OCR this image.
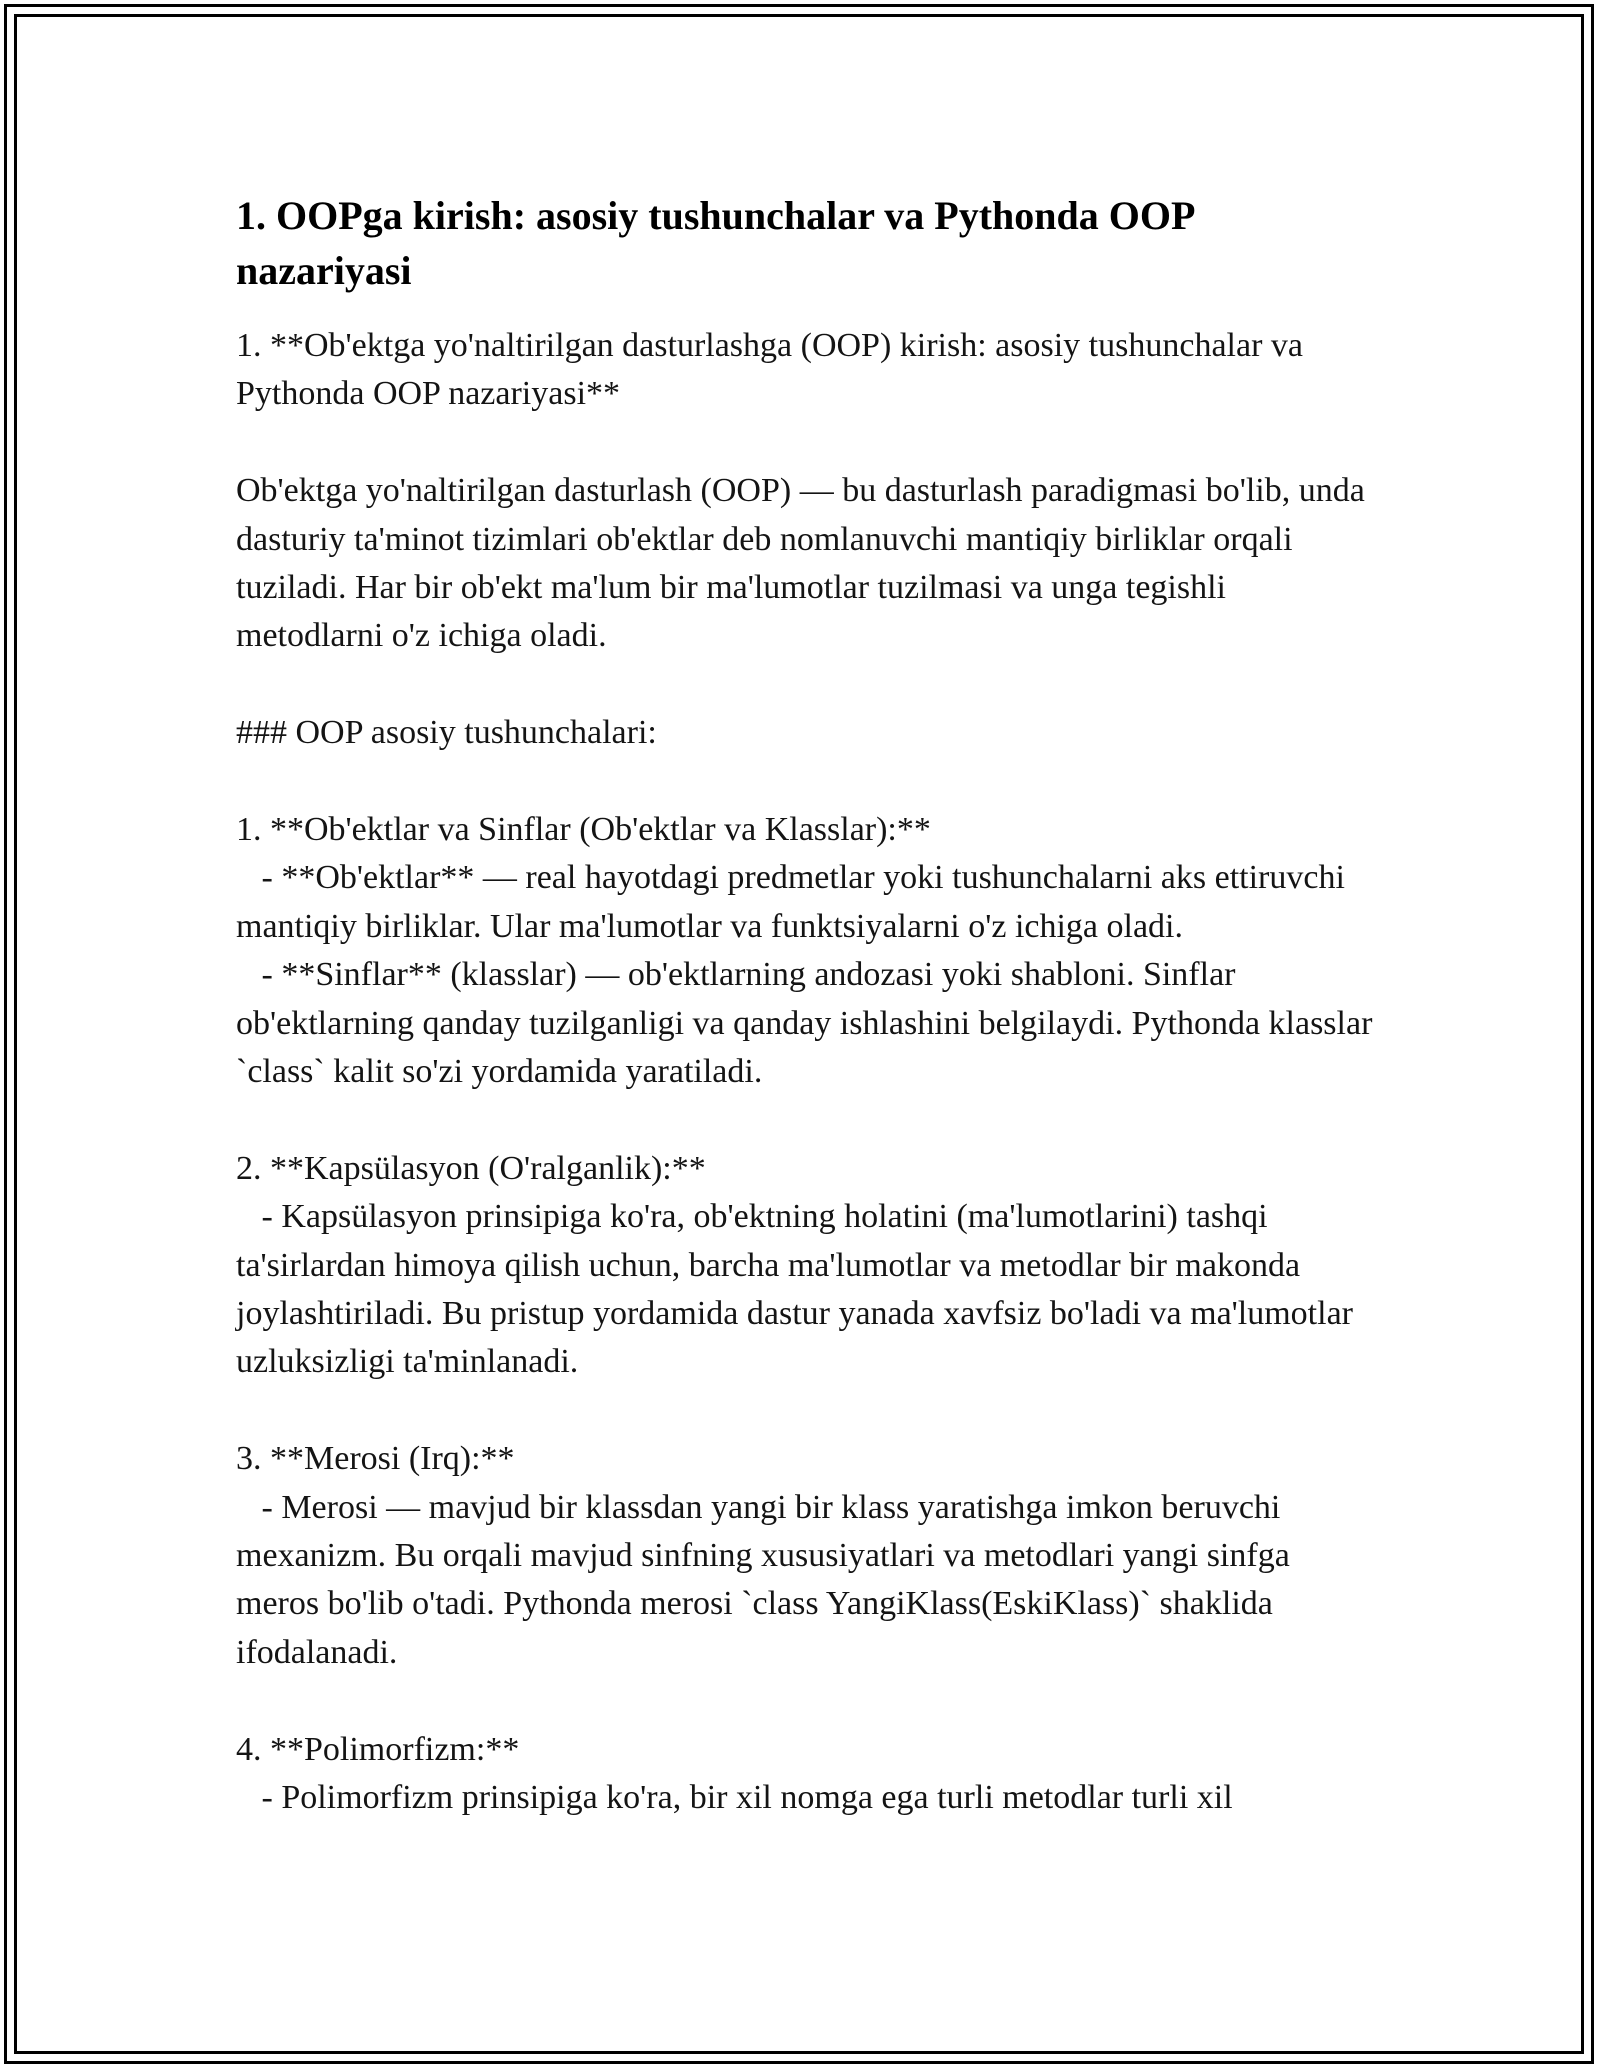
1. OOPga kirish: asosiy tushunchalar va Pythonda OOP nazariyasi

1. **Ob'ektga yo'naltirilgan dasturlashga (OOP) kirish: asosiy tushunchalar va Pythonda OOP nazariyasi**

Ob'ektga yo'naltirilgan dasturlash (OOP) — bu dasturlash paradigmasi bo'lib, unda dasturiy ta'minot tizimlari ob'ektlar deb nomlanuvchi mantiqiy birliklar orqali tuziladi. Har bir ob'ekt ma'lum bir ma'lumotlar tuzilmasi va unga tegishli metodlarni o'z ichiga oladi.

### OOP asosiy tushunchalari:

1. **Ob'ektlar va Sinflar (Ob'ektlar va Klasslar):**

- **Ob'ektlar** — real hayotdagi predmetlar yoki tushunchalarni aks ettiruvchi mantiqiy birliklar. Ular ma'lumotlar va funktsiyalarni o'z ichiga oladi.

- **Sinflar** (klasslar) — ob'ektlarning andozasi yoki shabloni. Sinflar ob'ektlarning qanday tuzilganligi va qanday ishlashini belgilaydi. Pythonda klasslar `class` kalit so'zi yordamida yaratiladi.

2. **Kapsülasyon (O'ralganlik):**

- Kapsülasyon prinsipiga ko'ra, ob'ektning holatini (ma'lumotlarini) tashqi ta'sirlardan himoya qilish uchun, barcha ma'lumotlar va metodlar bir makonda joylashtiriladi. Bu pristup yordamida dastur yanada xavfsiz bo'ladi va ma'lumotlar uzluksizligi ta'minlanadi.

3. **Merosi (Irq):**

- Merosi — mavjud bir klassdan yangi bir klass yaratishga imkon beruvchi mexanizm. Bu orqali mavjud sinfning xususiyatlari va metodlari yangi sinfga meros bo'lib o'tadi. Pythonda merosi `class YangiKlass(EskiKlass)` shaklida ifodalanadi.

4. **Polimorfizm:**

- Polimorfizm prinsipiga ko'ra, bir xil nomga ega turli metodlar turli xil
